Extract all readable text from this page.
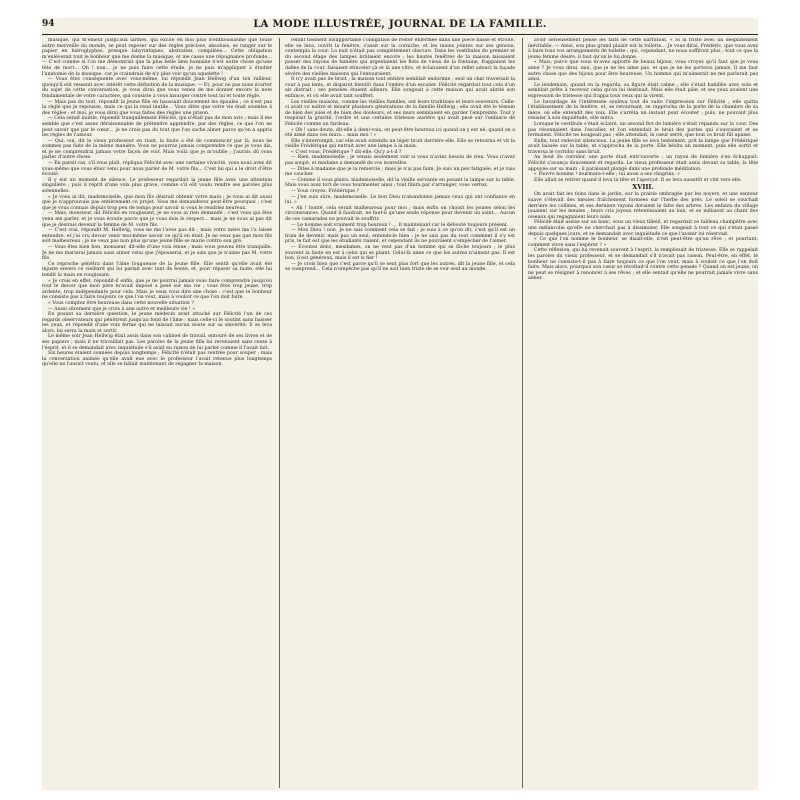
94	LA MODE ILLUSTRÉE, JOURNAL DE LA FAMILLE.

musique, qui m'émeut jusqu'aux larmes, qui excite en moi plus d'enthousiasme que toute autre merveille du monde, se peut reposer sur des règles précises, absolues, se ranger sur le papier en hiéroglyphes, presque labyrintiques, abstraites, compilées… Cette obligation m'enlèverait tout le bonheur que me donne la musique, et me casse une répugnance profonde… — C'est comme si l'on me démontrait que la plus belle âme humaine n'est autre chose qu'une tête de mort… Oh ! non… je ne puis faire cette étude, je ne puis m'appliquer à étudier l'anatomie de la musique, car je craindrais de n'y plus voir qu'un squelette !

— Vous êtes conséquente avec vous-même, lui répondit Jean Hellwig d'un ton railleur, quoiqu'il eût ressenti avec intérêt cette définition de la musique. — Et, pour ne pas nous écarter du sujet de cette conversation, je vous dirai que vous venez de me donner encore la note fondamentale de votre caractère, qui consiste à vous insurger contre tout lui et toute règle.

— Mais pas du tout, répondit la jeune fille en haussant doucement les épaules ; ce n'est pas la règle que je repousse, mais ce qui la rend inutile… Vous dites que votre vie était soumise à des règles ; et moi, je vous dirai que vous faites des règles une prison.

— Cela serait inutile, répondit tranquillement Félicité, qui n'était pas de mon avis ; mais il me semble que c'est assez déraisonnable de prétendre apprendre, par des règles, ce que l'on ne peut savoir que par le cœur… je ne crois pas du tout que l'on sache aimer parce qu'on a appris les règles de l'amour.

— Oui, oui, dit le vieux professeur en riant, la faute a été de commencer par là, nous ne sommes pas faits de la même manière. Vous ne pourrez jamais comprendre ce que je vous dis, et je ne comprendrai jamais votre façon de voir. Mais voilà que je m'oublie ; j'aurais dû vous parler d'autre chose.

— En pareil cas, s'il vous plaît, répliqua Félicité avec une certaine vivacité, vous nous avez dit vous-même que vous étiez venu pour nous parler de M. votre fils… C'est lui qui a le droit d'être écouté.

Il y eut un moment de silence. Le professeur regardait la jeune fille avec une attention singulière ; puis il reprit d'une voix plus grave, comme s'il eût voulu rendre ses paroles plus solennelles.

« Je vous ai dit, mademoiselle, que mon fils désirait obtenir votre main ; je vous ai dit aussi que je n'approuvais pas entièrement ce projet. Vous me demanderez peut-être pourquoi ; c'est que je vous connais depuis trop peu de temps pour savoir si vous le rendriez heureux.

— Mais, monsieur, dit Félicité en rougissant, je ne vous ai rien demandé ; c'est vous qui êtes venu me parler, et je vous écoute parce que je vous dois le respect… mais je ne vous ai pas dit que je désirais devenir la femme de M. votre fils.

— C'est vrai, répondit M. Hellwig, vous ne me l'avez pas dit ; mais votre mère me l'a laissé entendre, et j'ai cru devoir venir moi-même savoir ce qu'il en était. Je ne veux pas que mon fils soit malheureux ; je ne veux pas non plus qu'une jeune fille se marie contre son gré.

— Vous êtes bien bon, monsieur, dit-elle d'une voix émue ; mais vous pouvez être tranquille. Je ne me marierai jamais sans aimer celui que j'épouserai, et je sais que je n'aime pas M. votre fils.

Ce reproche pénétra dans l'âme fougueuse de la jeune fille. Elle sentit qu'elle avait été injuste envers ce vieillard qui lui parlait avec tant de bonté, et, pour réparer sa faute, elle lui tendit la main en rougissant.

« Je crois en effet, répondit-il enfin, que je ne pourrai jamais vous faire comprendre jusqu'où tout le devoir que mon père m'avait imposé a pesé sur ma vie ; vous êtes trop jeune, trop ardente, trop indépendante pour cela. Mais je veux vous dire une chose : c'est que le bonheur ne consiste pas à faire toujours ce que l'on veut, mais à vouloir ce que l'on doit faire.

« Vous comptez être heureuse dans cette nouvelle situation ?

— Aussi sûrement que je crois à une autre et meilleure vie ! »

En posant sa dernière question, le jeune médecin avait attaché sur Félicité l'un de ces regards observateurs qui pénètrent jusqu'au fond de l'âme ; mais celle-ci le soutint sans baisser les yeux, et répondit d'une voix ferme qui ne laissait aucun doute sur sa sincérité. Il se leva alors, lui serra la main et sortit.

Le même soir Jean Hellwig était assis dans son cabinet de travail, entouré de ses livres et de ses papiers ; mais il ne travaillait pas. Les paroles de la jeune fille lui revenaient sans cesse à l'esprit, et il se demandait avec inquiétude s'il avait eu raison de lui parler comme il l'avait fait.

Six heures étaient sonnées depuis longtemps ; Félicité n'était pas rentrée pour souper ; mais la conversation animée qu'elle avait eue avec le professeur l'avait retenue plus longtemps qu'elle ne l'aurait voulu, et elle se hâtait maintenant de regagner la maison.

rendit tiennent insupportable l'obligation de rester enfermée dans une pièce basse et étroite, elle se leva, ouvrit la fenêtre, s'assit sur la corniche, et les mains jointes sur ses genoux, contempla la cour. La nuit n'était pas complètement obscure. Dans les vestibules du premier et du second étage des lampes brûlaient encore ; les hautes fenêtres de la maison laissaient passer des rayons de lumière qui argentaient les flots de vieux de la fontaine, frappaient les dalles de la cour, faisaient étinceler çà et là une vitre, et éclairaient d'un reflet adouci la façade sévère des vieilles maisons qui l'entouraient.

Il n'y avait pas de bruit ; la maison tout entière semblait endormie ; seul un chat traversait la cour à pas lents, et disparut bientôt dans l'ombre d'un escalier. Félicité regardait tout cela d'un air distrait ; ses pensées étaient ailleurs. Elle songeait à cette maison qui avait abrité son enfance, et où elle avait tant souffert.

Les vieilles maisons, comme les vieilles familles, ont leurs traditions et leurs souvenirs. Celle-ci avait vu naître et mourir plusieurs générations de la famille Hellwig ; elle avait été le témoin de bien des joies et de bien des douleurs, et ses murs semblaient en garder l'empreinte. Tout y respirait la gravité, l'ordre et une certaine tristesse austère qui avait pesé sur l'enfance de Félicité comme un fardeau.

« Oh ! sans doute, dit-elle à demi-voix, on peut être heureux ici quand on y est né, quand on a été aimé dans ces murs… mais moi ! »

Elle s'interrompit, car elle avait entendu un léger bruit derrière elle. Elle se retourna et vit la vieille Frédérique qui entrait avec une lampe à la main.

« C'est vous, Frédérique ? dit-elle. Qu'y a-t-il ?

— Rien, mademoiselle ; je venais seulement voir si vous n'aviez besoin de rien. Vous n'avez pas soupé, et madame a demandé de vos nouvelles.

— Dites à madame que je la remercie ; mais je n'ai pas faim. Je suis un peu fatiguée, et je vais me coucher.

— Comme il vous plaira, mademoiselle, dit la vieille servante en posant la lampe sur la table. Mais vous avez tort de vous tourmenter ainsi ; tout finira par s'arranger, vous verrez.

— Vous croyez, Frédérique ?

— J'en suis sûre, mademoiselle. Le bon Dieu n'abandonne jamais ceux qui ont confiance en lui. »

« Ah ! bonté, cela serait malheureux pour moi ; mais enfin on choisit les jeunes selon les circonstances. Quand il faudrait, ne faut-il qu'une seule réponse pour devenir un saint… Aucun de ces camarades ne pouvait le souffrir.

— Le homme soit vraiment trop heureux ! … Il maintenant car le débouté toujours présent.

— Mon Dieu ! non. Je ne sais comment cela se fait ; je suis à ce qu'on dit, c'est qu'il est un train de devenir, mais pas un seul, entends-le bien : je ne sais pas du tout comment il s'y est pris, le fait est que les étudiants riaient, et cependant ils ne pouvaient s'empêcher de l'aimer.

— Écoutez donc, mesdames, on ne veut pas d'un homme qui se fâche toujours ; le plus souvent la faute en est à celui qui se plaint. Celui-là aime ce que les autres n'aiment pas. Il est bon, il est généreux, mais il est si fier !

— Je crois bien que c'est parce qu'il se sent plus fort que les autres, dit la jeune fille, et cela se comprend… Cela n'empêche pas qu'il ne soit bien triste de se voir seul au monde.

avoir sérieusement pensé les faits de cette narration. « Si la triste avec un desplatement inévitable. — Ainsi, son plus grand plaisir est la toilette… Je vous dirai, Frédéric, que vous avez à faire tous vos arrangements de toilette ; qui, cependant, ne nous suffiront plus ; tout ce que la jeune femme désire, il faut qu'on le lui donne.

« Mais, parce que vous m'avez apporté de beaux bijoux, vous croyez qu'il faut que je vous aime ? Je vous dirai, moi, que je ne les aime pas, et que je ne les porterai jamais. Il me faut autre chose que des bijoux pour être heureuse. Un homme qui m'aimerait ne me parlerait pas ainsi.

Le lendemain, quand on la regarda, sa figure était calme ; elle s'était habillée avec soin et semblait prête à recevoir celui qu'on lui destinait. Mais elle était pâle, et ses yeux avaient une expression de tristesse qui frappa tous ceux qui la virent.

Le bavardage de l'intéressée souleva tout de suite l'impression sur Félicité ; elle quitta l'établissement de la fenêtre, et, se retournant, se rapprocha de la porte de la chambre de sa mère, où elle entendit des voix. Elle s'arrêta un instant pour écouter ; puis, ne pouvant plus résister à son inquiétude, elle entra.

Lorsque le vestibule s'était éclairé, un second flot de lumière s'était répandu sur la cour. Des pas résonnaient dans l'escalier, et l'on entendait le bruit des portes qui s'ouvraient et se fermaient. Félicité ne bougeait pas ; elle attendait, le cœur serré, que tout ce bruit fût apaisé.

Enfin, tout redevint silencieux. La jeune fille se leva lentement, prit la lampe que Frédérique avait laissée sur la table, et s'approcha de la porte. Elle hésita un moment, puis elle sortit et traversa le corridor sans bruit.

Au bout du corridor, une porte était entr'ouverte ; un rayon de lumière s'en échappait. Félicité s'avança doucement et regarda. Le vieux professeur était assis devant sa table, la tête appuyée sur sa main ; il paraissait plongé dans une profonde méditation.

« Pauvre homme ! murmura-t-elle ; lui aussi a ses chagrins. »

Elle allait se retirer quand il leva la tête et l'aperçut. Il se leva aussitôt et vint vers elle.

XVIII.

On avait fait les foins dans le jardin, sur la prairie ombragée par les noyers, et une senteur suave s'élevait des meules fraîchement formées sur l'herbe des prés. Le soleil se couchait derrière les collines, et ses derniers rayons doraient le faîte des arbres. Les enfants du village jouaient sur les meules ; leurs cris joyeux retentissaient au loin, et se mêlaient au chant des oiseaux qui regagnaient leurs nids.

Félicité était assise sur un banc, sous un vieux tilleul, et regardait ce tableau champêtre avec une mélancolie qu'elle ne cherchait pas à dissimuler. Elle songeait à tout ce qui s'était passé depuis quelques jours, et se demandait avec inquiétude ce que l'avenir lui réservait.

« Ce que l'on nomme le bonheur, se disait-elle, n'est peut-être qu'un rêve ; et pourtant, comment vivre sans l'espérer ? »

Cette réflexion, qui lui revenait souvent à l'esprit, la remplissait de tristesse. Elle se rappelait les paroles du vieux professeur, et se demandait s'il n'avait pas raison. Peut-être, en effet, le bonheur ne consiste-t-il pas à faire toujours ce que l'on veut, mais à vouloir ce que l'on doit faire. Mais alors, pourquoi son cœur se révoltait-il contre cette pensée ? Quand on est jeune, on ne peut se résigner à renoncer à ses rêves ; et elle sentait qu'elle ne pourrait jamais vivre sans aimer.
